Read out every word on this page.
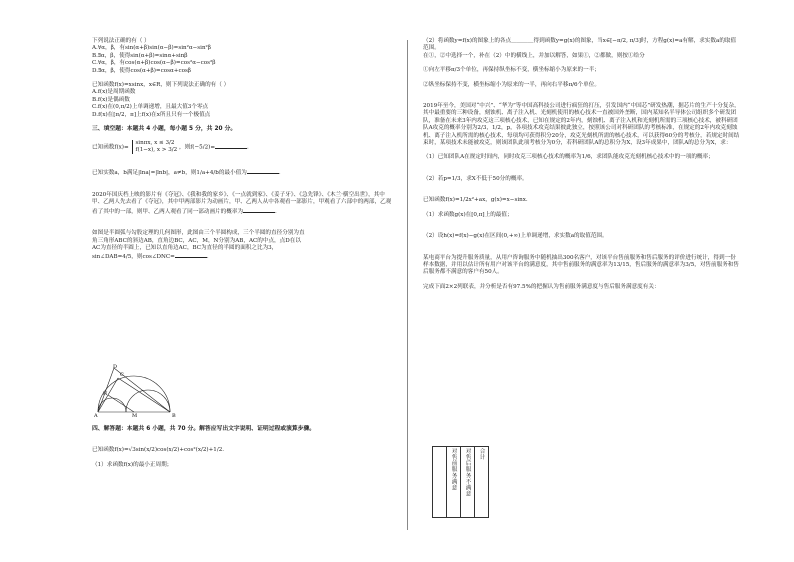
下列说法正确的有（ ）

A.∀α，β，有sin(α+β)sin(α−β)=sin²α−sin²β

B.∃α，β，使得sin(α+β)=sinα+sinβ

C.∀α，β，有cos(α+β)cos(α−β)=cos²α−cos²β

D.∃α，β，使得cos(α+β)=cosα+cosβ

已知函数f(x)=xsinx，x∈R，则下列说法正确的有（ ）

A.f(x)是周期函数

B.f(x)是偶函数

C.f(x)在(0,π/2)上单调递增，且最大值3个零点

D.f(x)在[π/2，π]上f(x)在x所且只有一个极值点

三、填空题：本题共 4 小题，每小题 5 分，共 20 分。

已知函数f(x)= sinπx, x ≤ 3/2
f(1−x), x > 3/2 ，则f(−5/2)=	.

已知实数a，b满足|lna|=|lnb|，a≠b，则1/a+4/b的最小值为	.

2020年国庆档上映的影片有《夺冠》、《我和我的家乡》、《一点就到家》、《姜子牙》、《急先锋》、《木兰·横空出世》，其中甲、乙两人先去看了《夺冠》，其中甲两部影片为动画片，甲、乙两人从中各观看一部影片，甲观看了六部中的两部，乙观看了其中的一部，则甲、乙两人观看了同一部动画片的概率为	.

如图是半圆弧与勾股定理的几何图形，此图由三个半圆构成，三个半圆的直径分别为直角三角形ABC的斜边AB，直角边BC，AC，M，N分别为AB，AC的中点，点D在以AC为直径的半圆上，已知以直角边AC，BC为直径的半圆的面积之比为3，sin∠DAB=4/5，则cos∠DNC=	.

A	B
C
D
M
N

四、解答题：本题共 6 小题，共 70 分。解答应写出文字说明、证明过程或演算步骤。

已知函数f(x)=√3sin(x/2)cos(x/2)+cos²(x/2)+1/2.

（1）求函数f(x)的最小正周期；

（2）将函数y=f(x)的图象上的各点＿＿＿＿得到函数y=g(x)的图象，当x∈[−π/2, π/3]时，方程g(x)=a有解，求实数a的取值范围。

在①，②中选择一个，补在（2）中的横线上，并加以解答，如果①，②都做，则按①给分

①向左平移π/3个单位，再保持纵坐标不变，横坐标缩小为原来的一半；

②纵坐标保持不变，横坐标缩小为原来的一半，再向右平移π/6个单位。

2019年至今，美国对“中兴”、“华为”等中国高科技公司进行疯狂的打压，引发国内“中国芯”研发热潮，据芯片的生产十分复杂，其中最重要的三种设备，刻蚀机、离子注入机、光刻机使用的核心技术一直被国外垄断，国内某知名半导体公司组织多个研发团队，准备在未来3年内攻克这三项核心技术，已知在规定的2年内，刻蚀机、离子注入机和光刻机所需的三项核心技术，被科研团队A攻克的概率分别为2/3，1/2，p，各项技术攻克结果彼此独立，按照该公司对科研团队的考核标准，在规定的2年内攻克刻蚀机、离子注入机所需的核心技术，每项均可获得积分20分，攻克光刻机所需的核心技术，可以获得60分的考核分，若规定时间结束时，某项技术未能被攻克，则该团队此项考核分为0分，若科研团队A的总积分为X，设3年成果中，团队A的总分为X，求：

（1）已知团队A在规定时间内，同时攻克三项核心技术的概率为1/6，求团队能攻克光刻机核心技术中的一项的概率；

（2）若p=1/3，求X不低于50分的概率。

已知函数f(x)=1/2x²+ax，g(x)=x−sinx.

（1）求函数g(x)在[0,π]上的最值；

（2）设h(x)=f(x)−g(x)在区间(0,+∞)上单调递增，求实数a的取值范围。

某电商平台为提升服务质量，从用户咨询服务中随机抽出300名客户，对该平台售前服务和售后服务的评价进行统计，得到一份样本数据，并用以估计所有用户对该平台的满意度，其中售前服务的满意率为13/15，售后服务的满意率为3/5，对售前服务和售后服务都不满意的客户有50人。

完成下面2×2列联表，并分析是否有97.5%的把握认为售前服务满意度与售后服务满意度有关：

	对售前服务满意	对售后服务不满意	合计
